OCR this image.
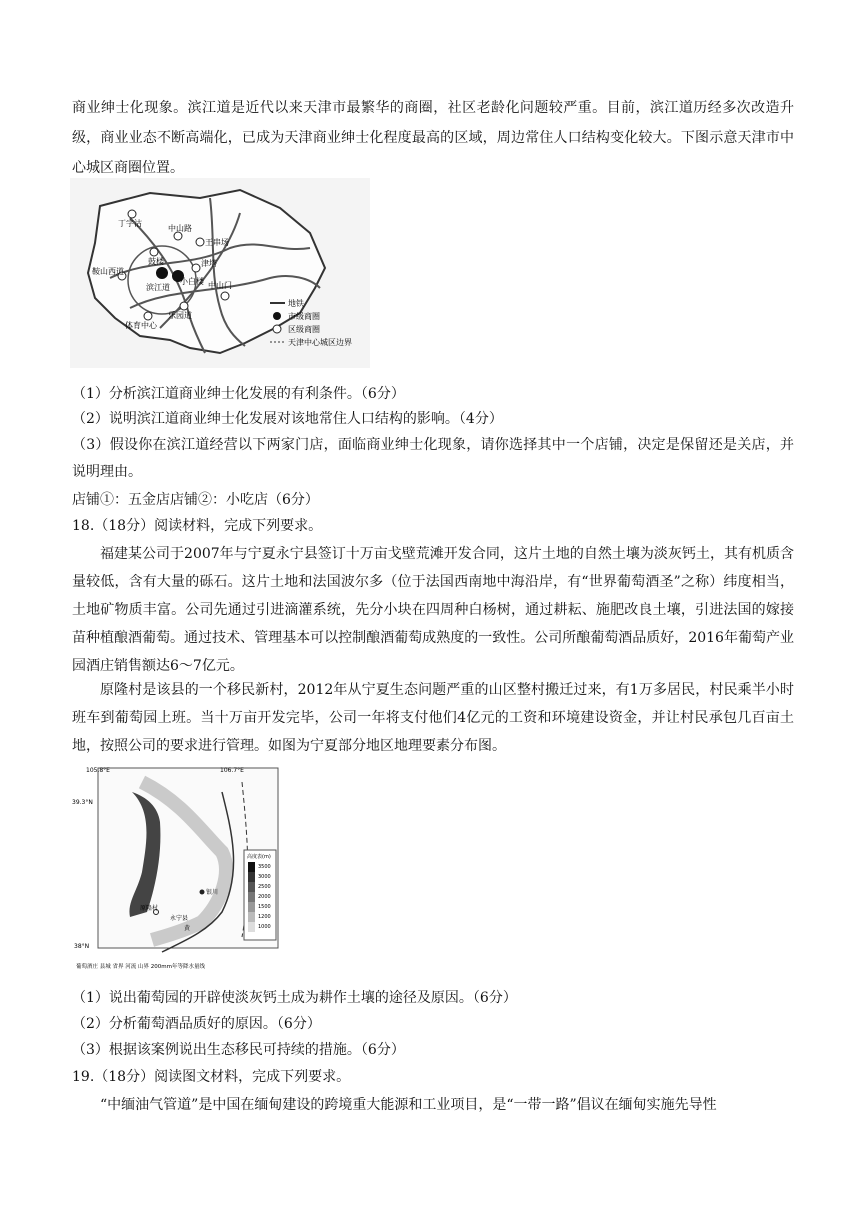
商业绅士化现象。滨江道是近代以来天津市最繁华的商圈，社区老龄化问题较严重。目前，滨江道历经多次改造升级，商业业态不断高端化，已成为天津商业绅士化程度最高的区域，周边常住人口结构变化较大。下图示意天津市中心城区商圈位置。
丁字沽
中山路
王串场
鼓楼	津塔
鞍山西道
滨江道
小白楼 中山门
体育中心
乐园道
地铁
市级商圈
区级商圈
天津中心城区边界
（1）分析滨江道商业绅士化发展的有利条件。（6分）
（2）说明滨江道商业绅士化发展对该地常住人口结构的影响。（4分）
（3）假设你在滨江道经营以下两家门店，面临商业绅士化现象，请你选择其中一个店铺，决定是保留还是关店，并说明理由。
店铺①：五金店店铺②：小吃店（6分）
18.（18分）阅读材料，完成下列要求。
福建某公司于2007年与宁夏永宁县签订十万亩戈壁荒滩开发合同，这片土地的自然土壤为淡灰钙土，其有机质含量较低，含有大量的砾石。这片土地和法国波尔多（位于法国西南地中海沿岸，有“世界葡萄酒圣”之称）纬度相当，土地矿物质丰富。公司先通过引进滴灌系统，先分小块在四周种白杨树，通过耕耘、施肥改良土壤，引进法国的嫁接苗种植酿酒葡萄。通过技术、管理基本可以控制酿酒葡萄成熟度的一致性。公司所酿葡萄酒品质好，2016年葡萄产业园酒庄销售额达6～7亿元。
原隆村是该县的一个移民新村，2012年从宁夏生态问题严重的山区整村搬迁过来，有1万多居民，村民乘半小时班车到葡萄园上班。当十万亩开发完毕，公司一年将支付他们4亿元的工资和环境建设资金，并让村民承包几百亩土地，按照公司的要求进行管理。如图为宁夏部分地区地理要素分布图。
105.8°E	106.7°E
39.3°N
38°N
银川
原隆村
永宁县
黄
高度表(m)
3500
3000
2500
2000
1500
1200
1000
葡萄酒庄 县城 省界 河流 山界 200mm年等降水量线
（1）说出葡萄园的开辟使淡灰钙土成为耕作土壤的途径及原因。（6分）
（2）分析葡萄酒品质好的原因。（6分）
（3）根据该案例说出生态移民可持续的措施。（6分）
19.（18分）阅读图文材料，完成下列要求。
“中缅油气管道”是中国在缅甸建设的跨境重大能源和工业项目，是“一带一路”倡议在缅甸实施先导性
